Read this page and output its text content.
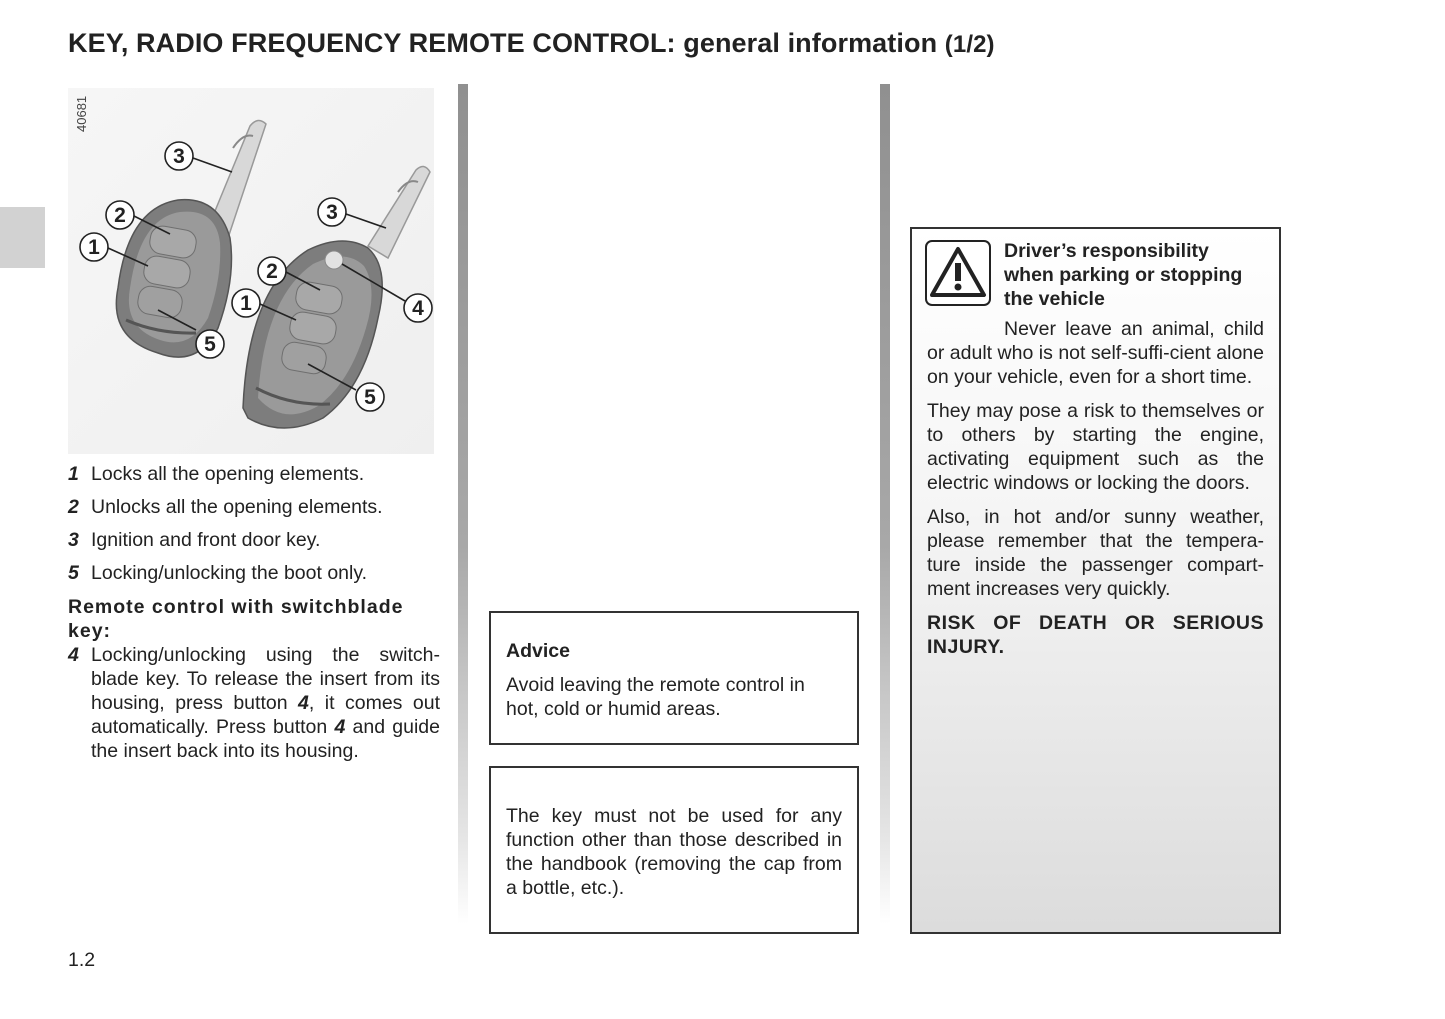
KEY, RADIO FREQUENCY REMOTE CONTROL: general information (1/2)
40681
3
2
1
5
3
2
1	4
5
1 Locks all the opening elements.
2 Unlocks all the opening elements.
3 Ignition and front door key.
5 Locking/unlocking the boot only.
Remote control with switchblade key:
4 Locking/unlocking using the switch-blade key. To release the insert from its housing, press button 4, it comes out automatically. Press button 4 and guide the insert back into its housing.
Advice
Avoid leaving the remote control in hot, cold or humid areas.
The key must not be used for any function other than those described in the handbook (removing the cap from a bottle, etc.).
Driver’s responsibility when parking or stopping the vehicle

Never leave an animal, child or adult who is not self-suffi-cient alone on your vehicle, even for a short time.

They may pose a risk to themselves or to others by starting the engine, activating equipment such as the electric windows or locking the doors.

Also, in hot and/or sunny weather, please remember that the tempera-ture inside the passenger compart-ment increases very quickly.

RISK OF DEATH OR SERIOUS INJURY.

1.2
